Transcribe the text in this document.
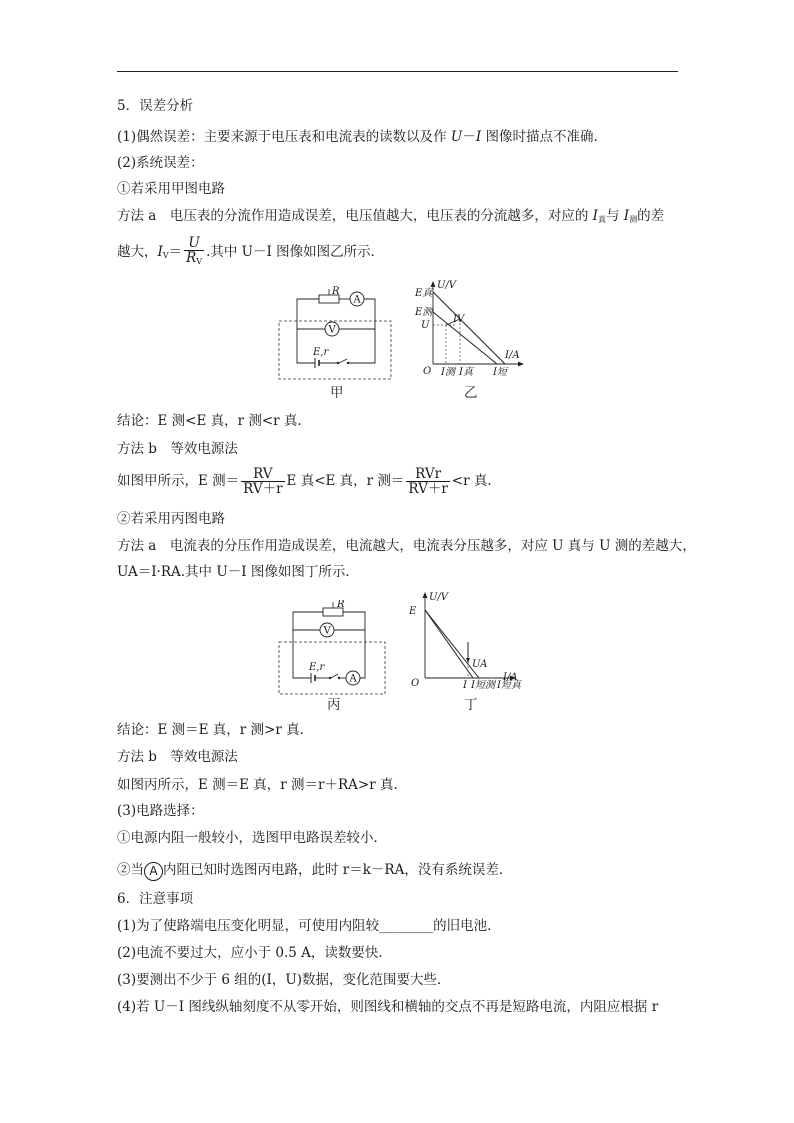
5．误差分析
(1)偶然误差：主要来源于电压表和电流表的读数以及作 U－I 图像时描点不准确．
(2)系统误差：
①若采用甲图电路
方法 a　电压表的分流作用造成误差，电压值越大，电压表的分流越多，对应的 $I_真$与 $I_测$的差
越大，$I_V= \frac{U}{R_V}$ .其中 U－I 图像如图乙所示．
R
A
V
E,r
甲
U/V
I/A
E真
E测
U
O
IV
I测 I真 I短
乙
结论：E 测<E 真，r 测<r 真.
方法 b　等效电源法
如图甲所示，E 测＝ $\frac{RV}{RV+r}$ E 真<E 真，r 测＝ $\frac{\text{RVr}}{RV+r} <r$ 真.
②若采用丙图电路
方法 a　电流表的分压作用造成误差，电流越大，电流表分压越多，对应 U 真与 U 测的差越大，
UA＝I·RA.其中 U－I 图像如图丁所示．
R
V
A
E,r
丙
U/V
I/A
E
O
UA
I I短测 I短真
丁
结论：E 测＝E 真，r 测>r 真.
方法 b　等效电源法
如图丙所示，E 测＝E 真，r 测＝r＋RA>r 真.
(3)电路选择：
①电源内阻一般较小，选图甲电路误差较小．
②当 A 内阻已知时选图丙电路，此时 r＝k－RA，没有系统误差．
6．注意事项
(1)为了使路端电压变化明显，可使用内阻较________的旧电池．
(2)电流不要过大，应小于 0.5 A，读数要快．
(3)要测出不少于 6 组的(I，U)数据，变化范围要大些．
(4)若 U－I 图线纵轴刻度不从零开始，则图线和横轴的交点不再是短路电流，内阻应根据 r
